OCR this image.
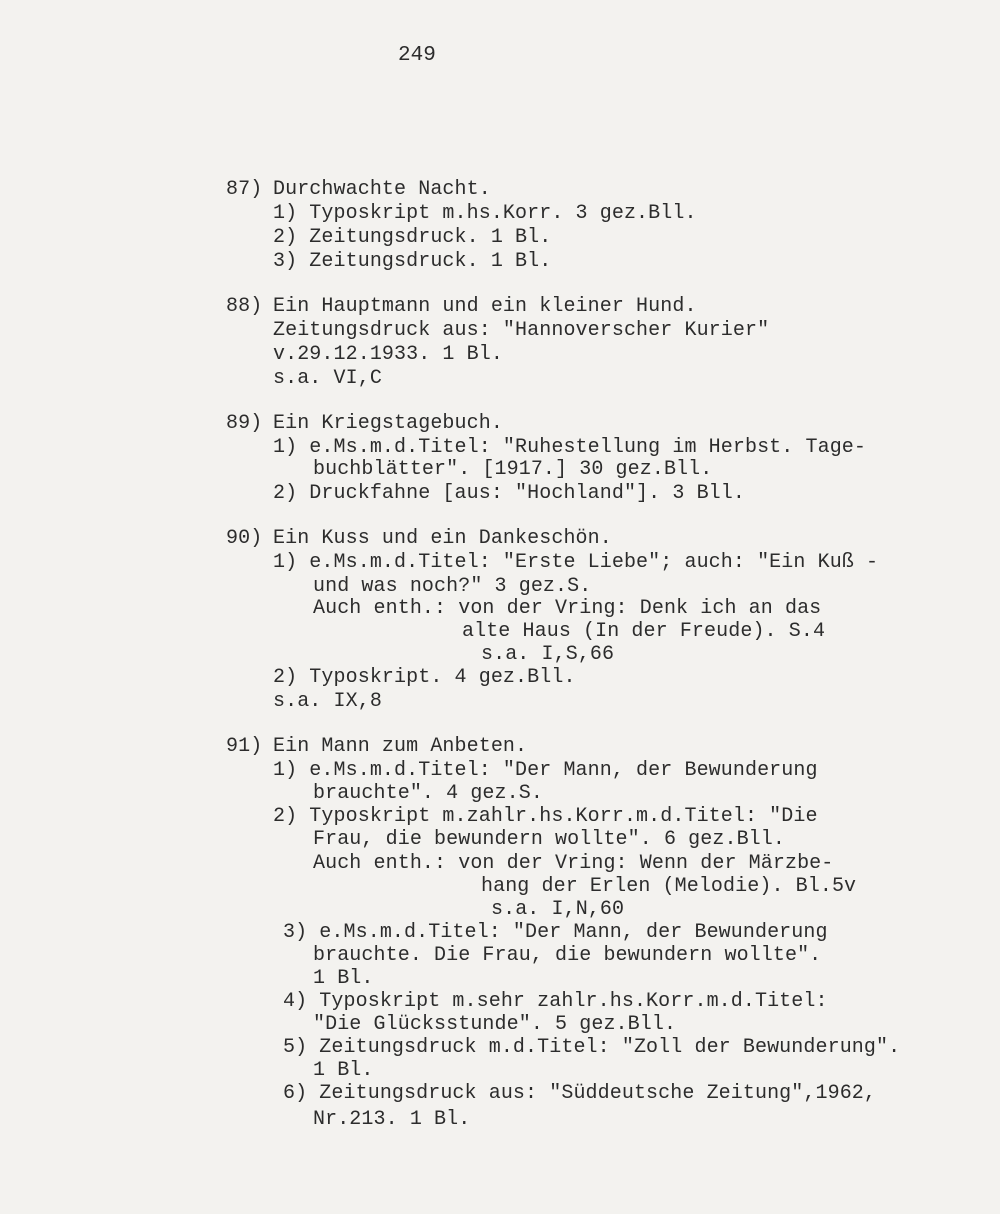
249
87) Durchwachte Nacht.
1) Typoskript m.hs.Korr. 3 gez.Bll.
2) Zeitungsdruck. 1 Bl.
3) Zeitungsdruck. 1 Bl.
88) Ein Hauptmann und ein kleiner Hund.
Zeitungsdruck aus: "Hannoverscher Kurier"
v.29.12.1933. 1 Bl.
s.a. VI,C
89) Ein Kriegstagebuch.
1) e.Ms.m.d.Titel: "Ruhestellung im Herbst. Tage-
buchblätter". [1917.] 30 gez.Bll.
2) Druckfahne [aus: "Hochland"]. 3 Bll.
90) Ein Kuss und ein Dankeschön.
1) e.Ms.m.d.Titel: "Erste Liebe"; auch: "Ein Kuß -
und was noch?" 3 gez.S.
Auch enth.: von der Vring: Denk ich an das
alte Haus (In der Freude). S.4
s.a. I,S,66
2) Typoskript. 4 gez.Bll.
s.a. IX,8
91) Ein Mann zum Anbeten.
1) e.Ms.m.d.Titel: "Der Mann, der Bewunderung
brauchte". 4 gez.S.
2) Typoskript m.zahlr.hs.Korr.m.d.Titel: "Die
Frau, die bewundern wollte". 6 gez.Bll.
Auch enth.: von der Vring: Wenn der Märzbe-
hang der Erlen (Melodie). Bl.5v
s.a. I,N,60
3) e.Ms.m.d.Titel: "Der Mann, der Bewunderung
brauchte. Die Frau, die bewundern wollte".
1 Bl.
4) Typoskript m.sehr zahlr.hs.Korr.m.d.Titel:
"Die Glücksstunde". 5 gez.Bll.
5) Zeitungsdruck m.d.Titel: "Zoll der Bewunderung".
1 Bl.
6) Zeitungsdruck aus: "Süddeutsche Zeitung",1962,
Nr.213. 1 Bl.
